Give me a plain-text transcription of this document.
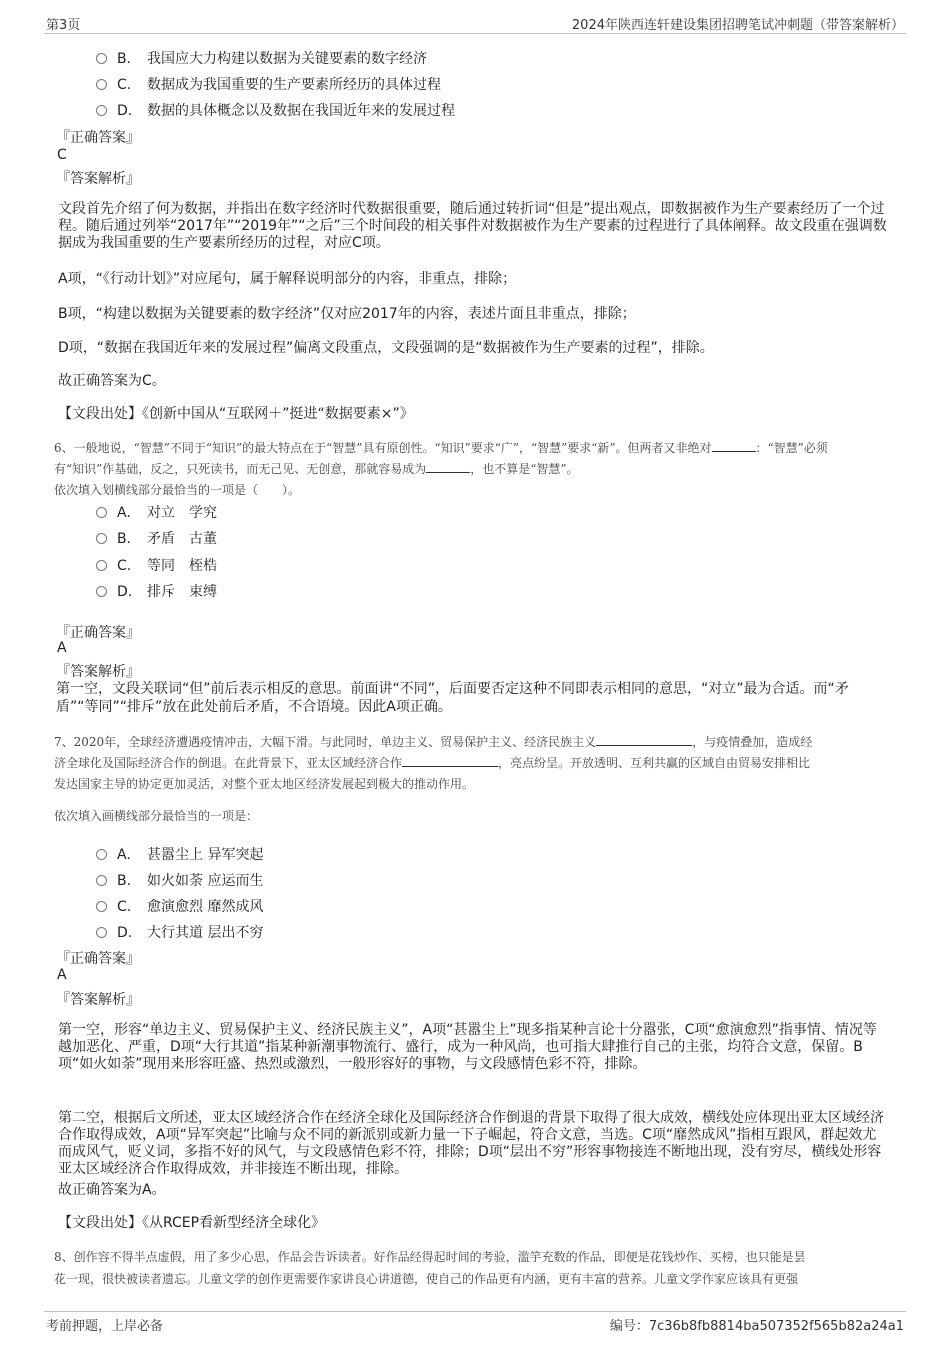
第3页	2024年陕西连轩建设集团招聘笔试冲刺题（带答案解析）
B. 我国应大力构建以数据为关键要素的数字经济
C. 数据成为我国重要的生产要素所经历的具体过程
D. 数据的具体概念以及数据在我国近年来的发展过程
『正确答案』
C
『答案解析』
文段首先介绍了何为数据，并指出在数字经济时代数据很重要，随后通过转折词“但是”提出观点，即数据被作为生产要素经历了一个过程。随后通过列举“2017年”“2019年”“之后”三个时间段的相关事件对数据被作为生产要素的过程进行了具体阐释。故文段重在强调数据成为我国重要的生产要素所经历的过程，对应C项。
A项，“《行动计划》”对应尾句，属于解释说明部分的内容，非重点，排除；
B项，“构建以数据为关键要素的数字经济”仅对应2017年的内容，表述片面且非重点，排除；
D项，“数据在我国近年来的发展过程”偏离文段重点，文段强调的是“数据被作为生产要素的过程”，排除。
故正确答案为C。
【文段出处】《创新中国从“互联网＋”挺进“数据要素×”》
6、一般地说，“智慧”不同于“知识”的最大特点在于“智慧”具有原创性。“知识”要求“广”，“智慧”要求“新”。但两者又非绝对	：“智慧”必须
有“知识”作基础，反之，只死读书，而无己见、无创意，那就容易成为	，也不算是“智慧”。
依次填入划横线部分最恰当的一项是（　　）。
A. 对立　学究
B. 矛盾　古董
C. 等同　桎梏
D. 排斥　束缚
『正确答案』
A
『答案解析』
第一空，文段关联词“但”前后表示相反的意思。前面讲“不同”，后面要否定这种不同即表示相同的意思，“对立”最为合适。而“矛盾”“等同”“排斥”放在此处前后矛盾，不合语境。因此A项正确。
7、2020年，全球经济遭遇疫情冲击，大幅下滑。与此同时，单边主义、贸易保护主义、经济民族主义	，与疫情叠加，造成经
济全球化及国际经济合作的倒退。在此背景下，亚太区域经济合作	，亮点纷呈。开放透明、互利共赢的区域自由贸易安排相比
发达国家主导的协定更加灵活，对整个亚太地区经济发展起到极大的推动作用。
依次填入画横线部分最恰当的一项是：
A. 甚嚣尘上 异军突起
B. 如火如荼 应运而生
C. 愈演愈烈 靡然成风
D. 大行其道 层出不穷
『正确答案』
A
『答案解析』
第一空，形容“单边主义、贸易保护主义、经济民族主义”，A项“甚嚣尘上”现多指某种言论十分嚣张，C项“愈演愈烈”指事情、情况等越加恶化、严重，D项“大行其道”指某种新潮事物流行、盛行，成为一种风尚，也可指大肆推行自己的主张，均符合文意，保留。B项“如火如荼”现用来形容旺盛、热烈或激烈，一般形容好的事物，与文段感情色彩不符，排除。
第二空，根据后文所述，亚太区域经济合作在经济全球化及国际经济合作倒退的背景下取得了很大成效，横线处应体现出亚太区域经济合作取得成效，A项“异军突起”比喻与众不同的新派别或新力量一下子崛起，符合文意，当选。C项“靡然成风”指相互跟风，群起效尤而成风气，贬义词，多指不好的风气，与文段感情色彩不符，排除；D项“层出不穷”形容事物接连不断地出现，没有穷尽，横线处形容亚太区域经济合作取得成效，并非接连不断出现，排除。
故正确答案为A。
【文段出处】《从RCEP看新型经济全球化》
8、创作容不得半点虚假，用了多少心思，作品会告诉读者。好作品经得起时间的考验，滥竽充数的作品，即便是花钱炒作、买榜，也只能是昙
花一现，很快被读者遗忘。儿童文学的创作更需要作家讲良心讲道德，使自己的作品更有内涵，更有丰富的营养。儿童文学作家应该具有更强
考前押题，上岸必备	编号：7c36b8fb8814ba507352f565b82a24a1
